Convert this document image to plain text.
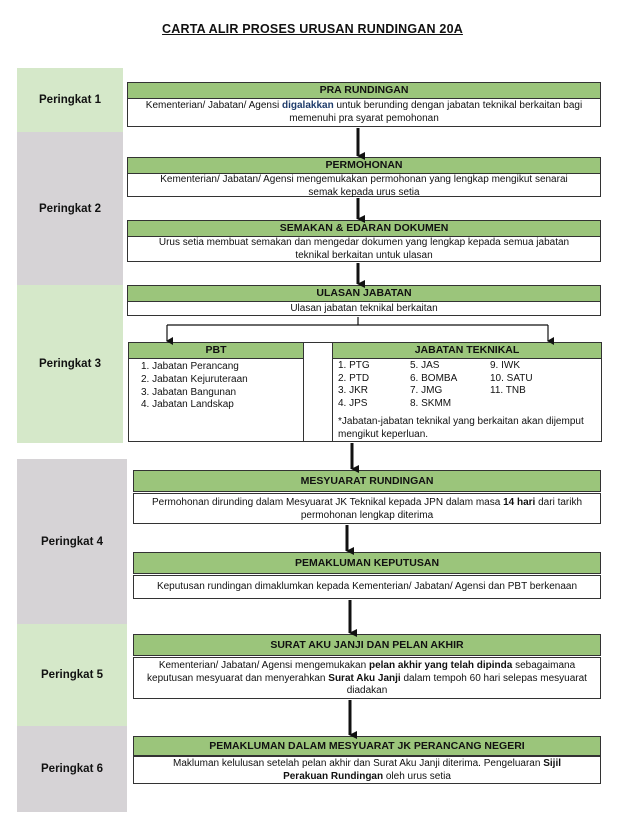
CARTA ALIR PROSES URUSAN RUNDINGAN 20A
Peringkat 1
Peringkat 2
Peringkat 3
Peringkat 4
Peringkat 5
Peringkat 6
PRA RUNDINGAN
Kementerian/ Jabatan/ Agensi digalakkan untuk berunding dengan jabatan teknikal berkaitan bagi memenuhi pra syarat pemohonan
PERMOHONAN
Kementerian/ Jabatan/ Agensi mengemukakan permohonan yang lengkap mengikut senarai semak kepada urus setia
SEMAKAN & EDARAN DOKUMEN
Urus setia membuat semakan dan mengedar dokumen yang lengkap kepada semua jabatan teknikal berkaitan untuk ulasan
ULASAN JABATAN
Ulasan jabatan teknikal berkaitan
PBT
1. Jabatan Perancang
2. Jabatan Kejuruteraan
3. Jabatan Bangunan
4. Jabatan Landskap
JABATAN TEKNIKAL
1. PTG	5. JAS	9. IWK
2. PTD	6. BOMBA	10. SATU
3. JKR	7. JMG	11. TNB
4. JPS	8. SKMM
*Jabatan-jabatan teknikal yang berkaitan akan dijemput mengikut keperluan.
MESYUARAT RUNDINGAN
Permohonan dirunding dalam Mesyuarat JK Teknikal kepada JPN dalam masa 14 hari dari tarikh permohonan lengkap diterima
PEMAKLUMAN KEPUTUSAN
Keputusan rundingan dimaklumkan kepada Kementerian/ Jabatan/ Agensi dan PBT berkenaan
SURAT AKU JANJI DAN PELAN AKHIR
Kementerian/ Jabatan/ Agensi mengemukakan pelan akhir yang telah dipinda sebagaimana keputusan mesyuarat dan menyerahkan Surat Aku Janji dalam tempoh 60 hari selepas mesyuarat diadakan
PEMAKLUMAN DALAM MESYUARAT JK PERANCANG NEGERI
Makluman kelulusan setelah pelan akhir dan Surat Aku Janji diterima. Pengeluaran Sijil Perakuan Rundingan oleh urus setia
